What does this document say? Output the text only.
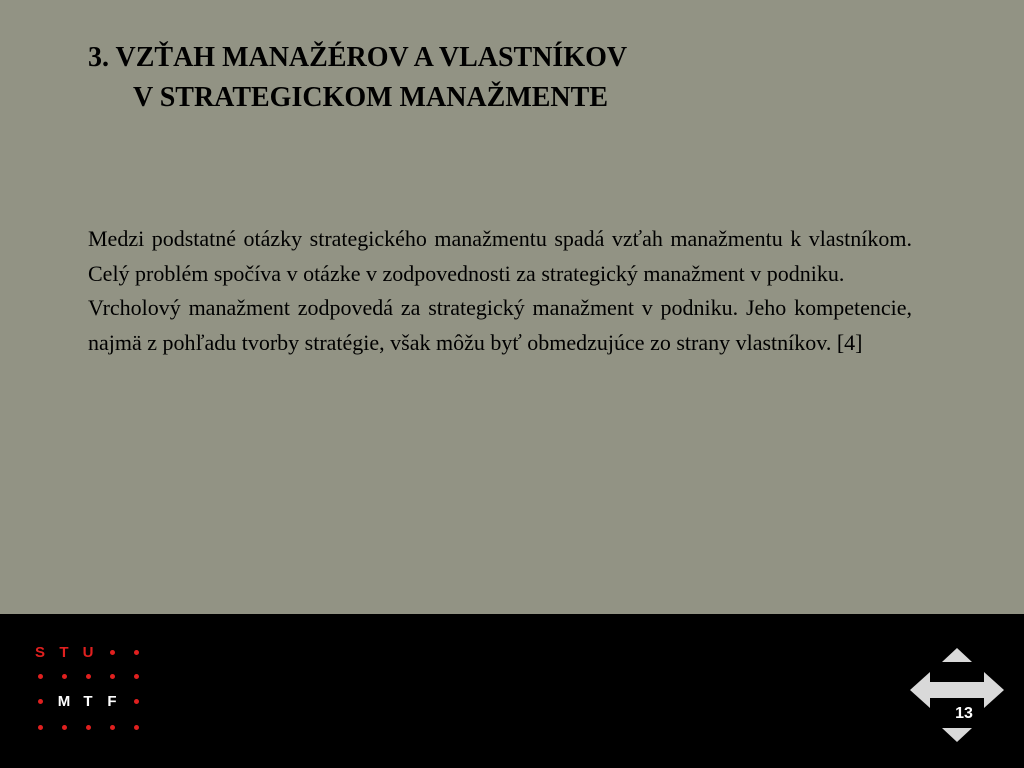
3. VZŤAH MANAŽÉROV A VLASTNÍKOV
V STRATEGICKOM MANAŽMENTE

Medzi podstatné otázky strategického manažmentu spadá vzťah manažmentu k vlastníkom. Celý problém spočíva v otázke v zodpovednosti za strategický manažment v podniku.

Vrcholový manažment zodpovedá za strategický manažment v podniku. Jeho kompetencie, najmä z pohľadu tvorby stratégie, však môžu byť obmedzujúce zo strany vlastníkov. [4]

S T U
M T F
13
